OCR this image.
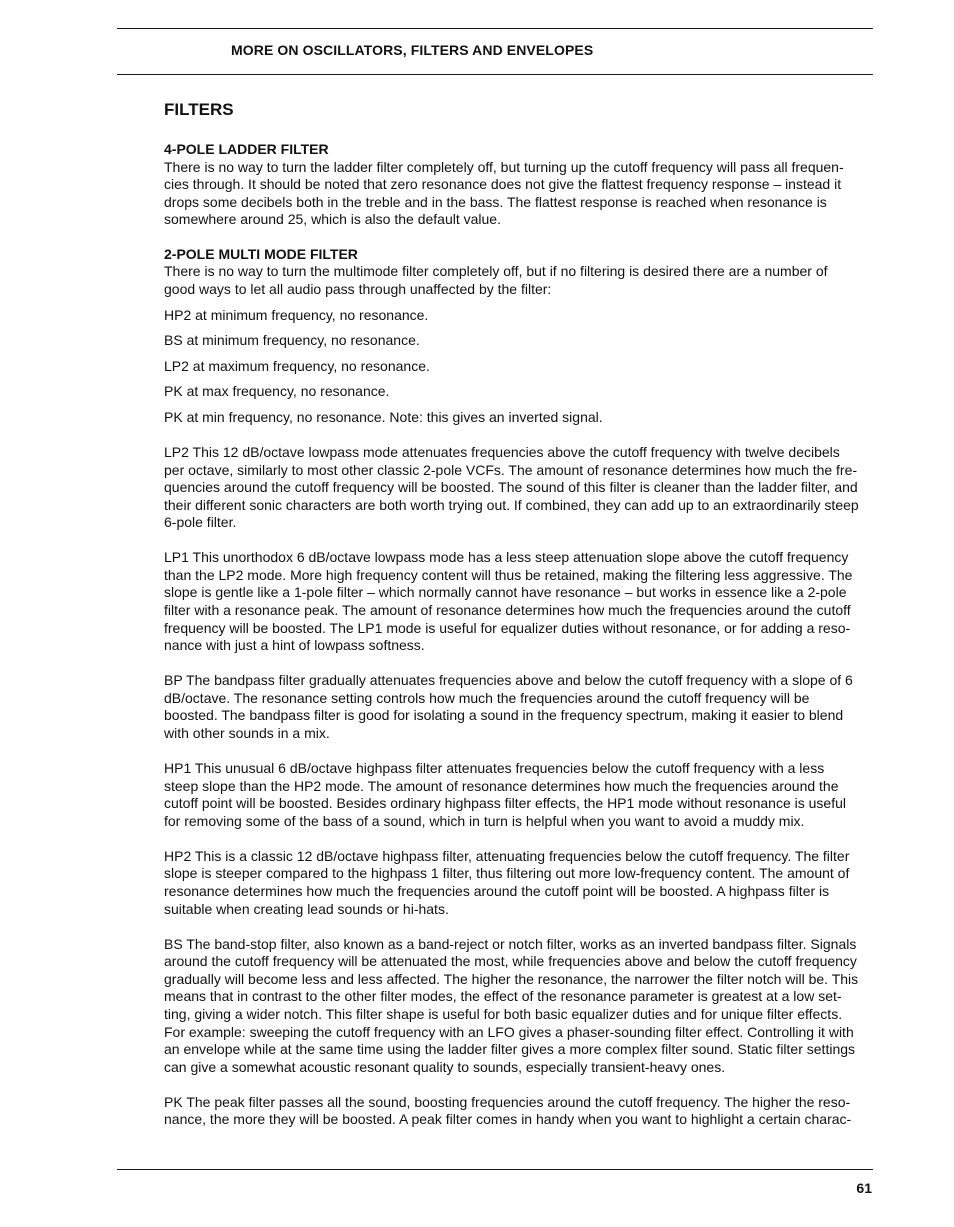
MORE ON OSCILLATORS, FILTERS AND ENVELOPES
FILTERS
4-POLE LADDER FILTER

There is no way to turn the ladder filter completely off, but turning up the cutoff frequency will pass all frequen-
cies through. It should be noted that zero resonance does not give the flattest frequency response – instead it
drops some decibels both in the treble and in the bass. The flattest response is reached when resonance is
somewhere around 25, which is also the default value.

2-POLE MULTI MODE FILTER

There is no way to turn the multimode filter completely off, but if no filtering is desired there are a number of
good ways to let all audio pass through unaffected by the filter:

HP2 at minimum frequency, no resonance.

BS at minimum frequency, no resonance.

LP2 at maximum frequency, no resonance.

PK at max frequency, no resonance.

PK at min frequency, no resonance. Note: this gives an inverted signal.

LP2 This 12 dB/octave lowpass mode attenuates frequencies above the cutoff frequency with twelve decibels
per octave, similarly to most other classic 2-pole VCFs. The amount of resonance determines how much the fre-
quencies around the cutoff frequency will be boosted. The sound of this filter is cleaner than the ladder filter, and
their different sonic characters are both worth trying out. If combined, they can add up to an extraordinarily steep
6-pole filter.

LP1 This unorthodox 6 dB/octave lowpass mode has a less steep attenuation slope above the cutoff frequency
than the LP2 mode. More high frequency content will thus be retained, making the filtering less aggressive. The
slope is gentle like a 1-pole filter – which normally cannot have resonance – but works in essence like a 2-pole
filter with a resonance peak. The amount of resonance determines how much the frequencies around the cutoff
frequency will be boosted. The LP1 mode is useful for equalizer duties without resonance, or for adding a reso-
nance with just a hint of lowpass softness.

BP The bandpass filter gradually attenuates frequencies above and below the cutoff frequency with a slope of 6
dB/octave. The resonance setting controls how much the frequencies around the cutoff frequency will be
boosted. The bandpass filter is good for isolating a sound in the frequency spectrum, making it easier to blend
with other sounds in a mix.

HP1 This unusual 6 dB/octave highpass filter attenuates frequencies below the cutoff frequency with a less
steep slope than the HP2 mode. The amount of resonance determines how much the frequencies around the
cutoff point will be boosted. Besides ordinary highpass filter effects, the HP1 mode without resonance is useful
for removing some of the bass of a sound, which in turn is helpful when you want to avoid a muddy mix.

HP2 This is a classic 12 dB/octave highpass filter, attenuating frequencies below the cutoff frequency. The filter
slope is steeper compared to the highpass 1 filter, thus filtering out more low-frequency content. The amount of
resonance determines how much the frequencies around the cutoff point will be boosted. A highpass filter is
suitable when creating lead sounds or hi-hats.

BS The band-stop filter, also known as a band-reject or notch filter, works as an inverted bandpass filter. Signals
around the cutoff frequency will be attenuated the most, while frequencies above and below the cutoff frequency
gradually will become less and less affected. The higher the resonance, the narrower the filter notch will be. This
means that in contrast to the other filter modes, the effect of the resonance parameter is greatest at a low set-
ting, giving a wider notch. This filter shape is useful for both basic equalizer duties and for unique filter effects.
For example: sweeping the cutoff frequency with an LFO gives a phaser-sounding filter effect. Controlling it with
an envelope while at the same time using the ladder filter gives a more complex filter sound. Static filter settings
can give a somewhat acoustic resonant quality to sounds, especially transient-heavy ones.

PK The peak filter passes all the sound, boosting frequencies around the cutoff frequency. The higher the reso-
nance, the more they will be boosted. A peak filter comes in handy when you want to highlight a certain charac-

61
